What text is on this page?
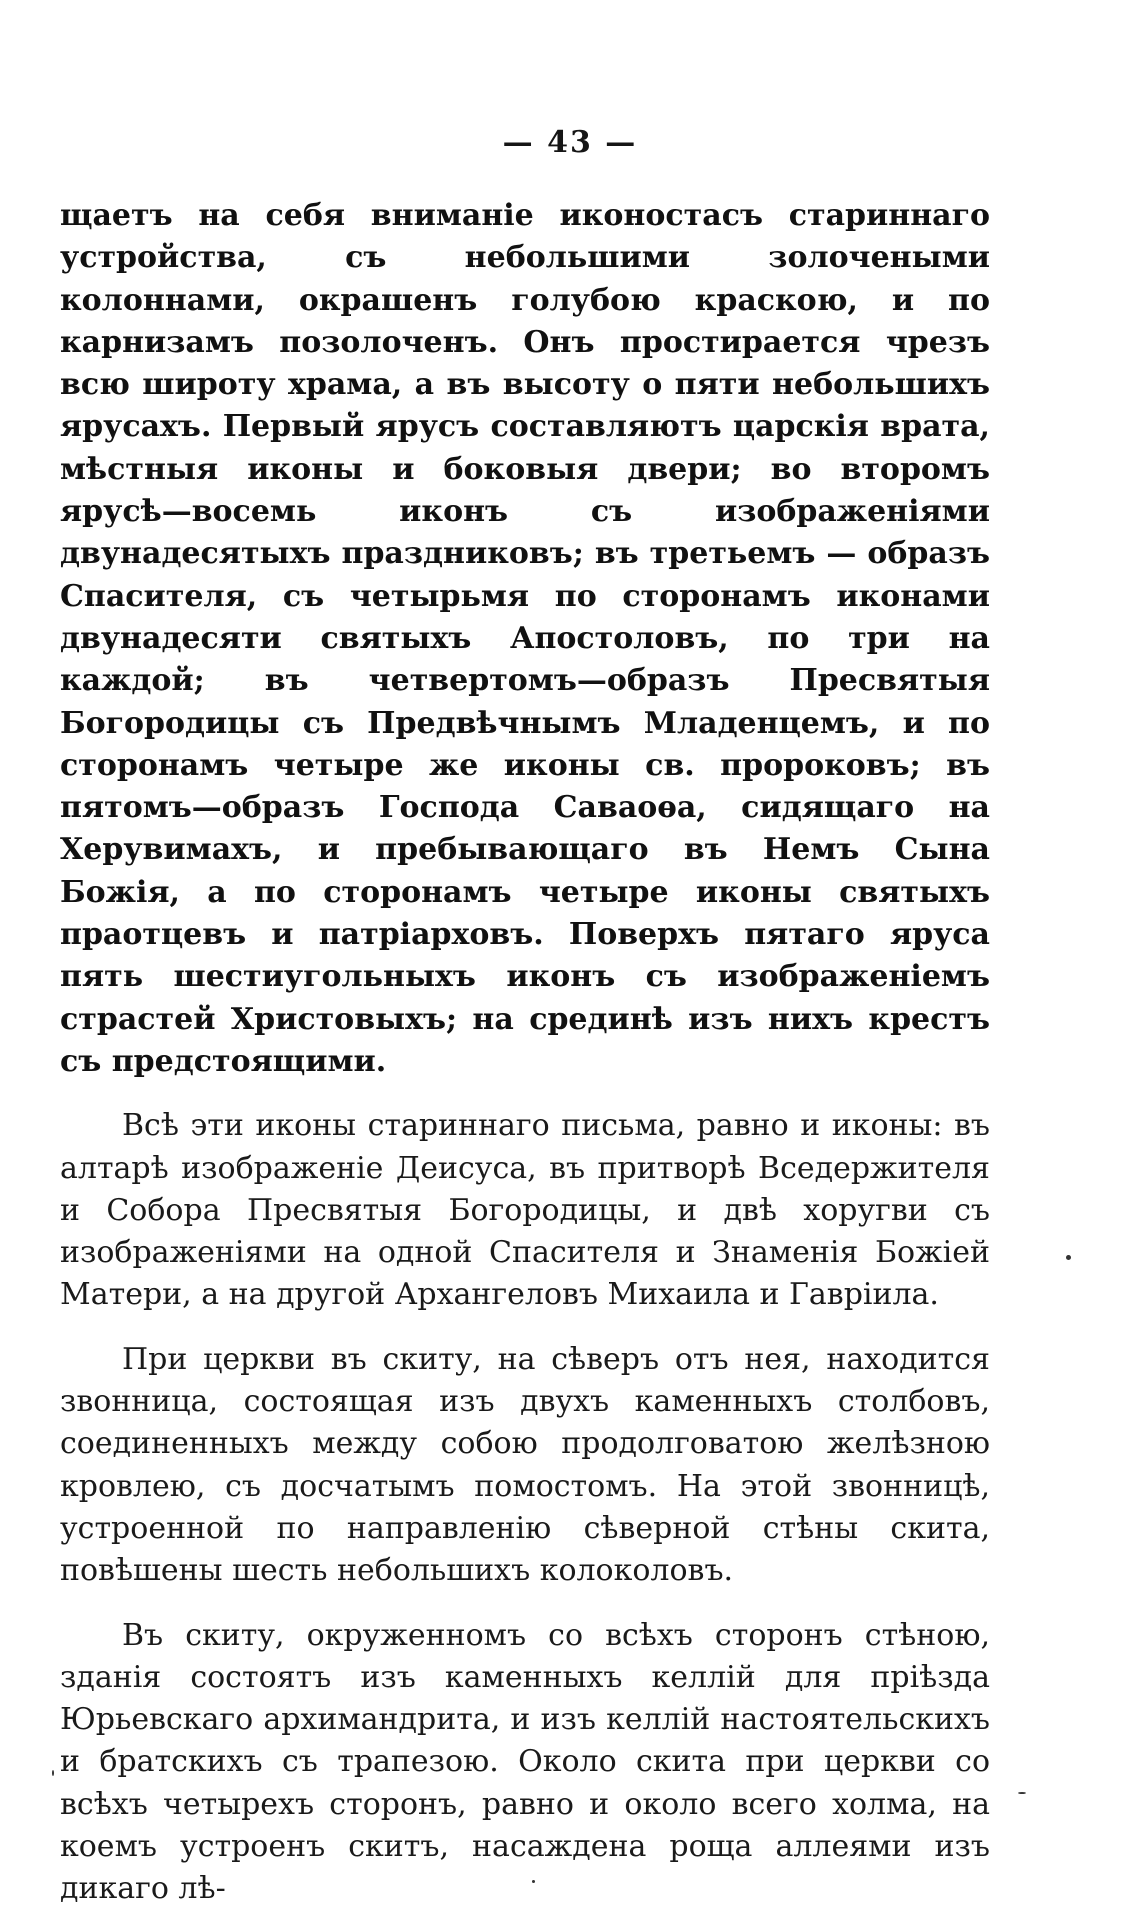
— 43 —

щаетъ на себя вниманіе иконостасъ стариннаго устройства, съ небольшими золочеными колоннами, окрашенъ голубою краскою, и по карнизамъ позолоченъ. Онъ простирается чрезъ всю ширoту храма, а въ высоту о пяти небольшихъ ярусахъ. Первый ярусъ составляютъ царскія врата, мѣстныя иконы и боковыя двери; во второмъ ярусѣ—восемь иконъ съ изображеніями двунадесятыхъ праздниковъ; въ третьемъ — образъ Спасителя, съ четырьмя по сторонамъ иконами двунадесяти святыхъ Апостоловъ, по три на каждой; въ четвертомъ—образъ Пресвятыя Богородицы съ Предвѣчнымъ Младенцемъ, и по сторонамъ четыре же иконы св. пророковъ; въ пятомъ—образъ Господа Саваоѳа, сидящаго на Херувимахъ, и пребывающаго въ Немъ Сына Божія, а по сторонамъ четыре иконы святыхъ праотцевъ и патріарховъ. Поверхъ пятаго яруса пять шестиугольныхъ иконъ съ изображеніемъ страстей Христовыхъ; на срединѣ изъ нихъ крестъ съ предстоящими.

Всѣ эти иконы стариннаго письма, равно и иконы: въ алтарѣ изображеніе Деисуса, въ притворѣ Вседержителя и Собора Пресвятыя Богородицы, и двѣ хоругви съ изображеніями на одной Спасителя и Знаменія Божіей Матери, а на другой Архангеловъ Михаила и Гавріила.

При церкви въ скиту, на сѣверъ отъ нея, находится звонница, состоящая изъ двухъ каменныхъ столбовъ, соединенныхъ между собою продолговатою желѣзною кровлею, съ досчатымъ помостомъ. На этой звонницѣ, устроенной по направленію сѣверной стѣны скита, повѣшены шесть небольшихъ колоколовъ.

Въ скиту, окруженномъ со всѣхъ сторонъ стѣною, зданія состоятъ изъ каменныхъ келлій для пріѣзда Юрьевскаго архимандрита, и изъ келлій настоятельскихъ и братскихъ съ трапезою. Около скита при церкви со всѣхъ четырехъ сторонъ, равно и около всего холма, на коемъ устроенъ скитъ, насаждена роща аллеями изъ дикаго лѣ-
